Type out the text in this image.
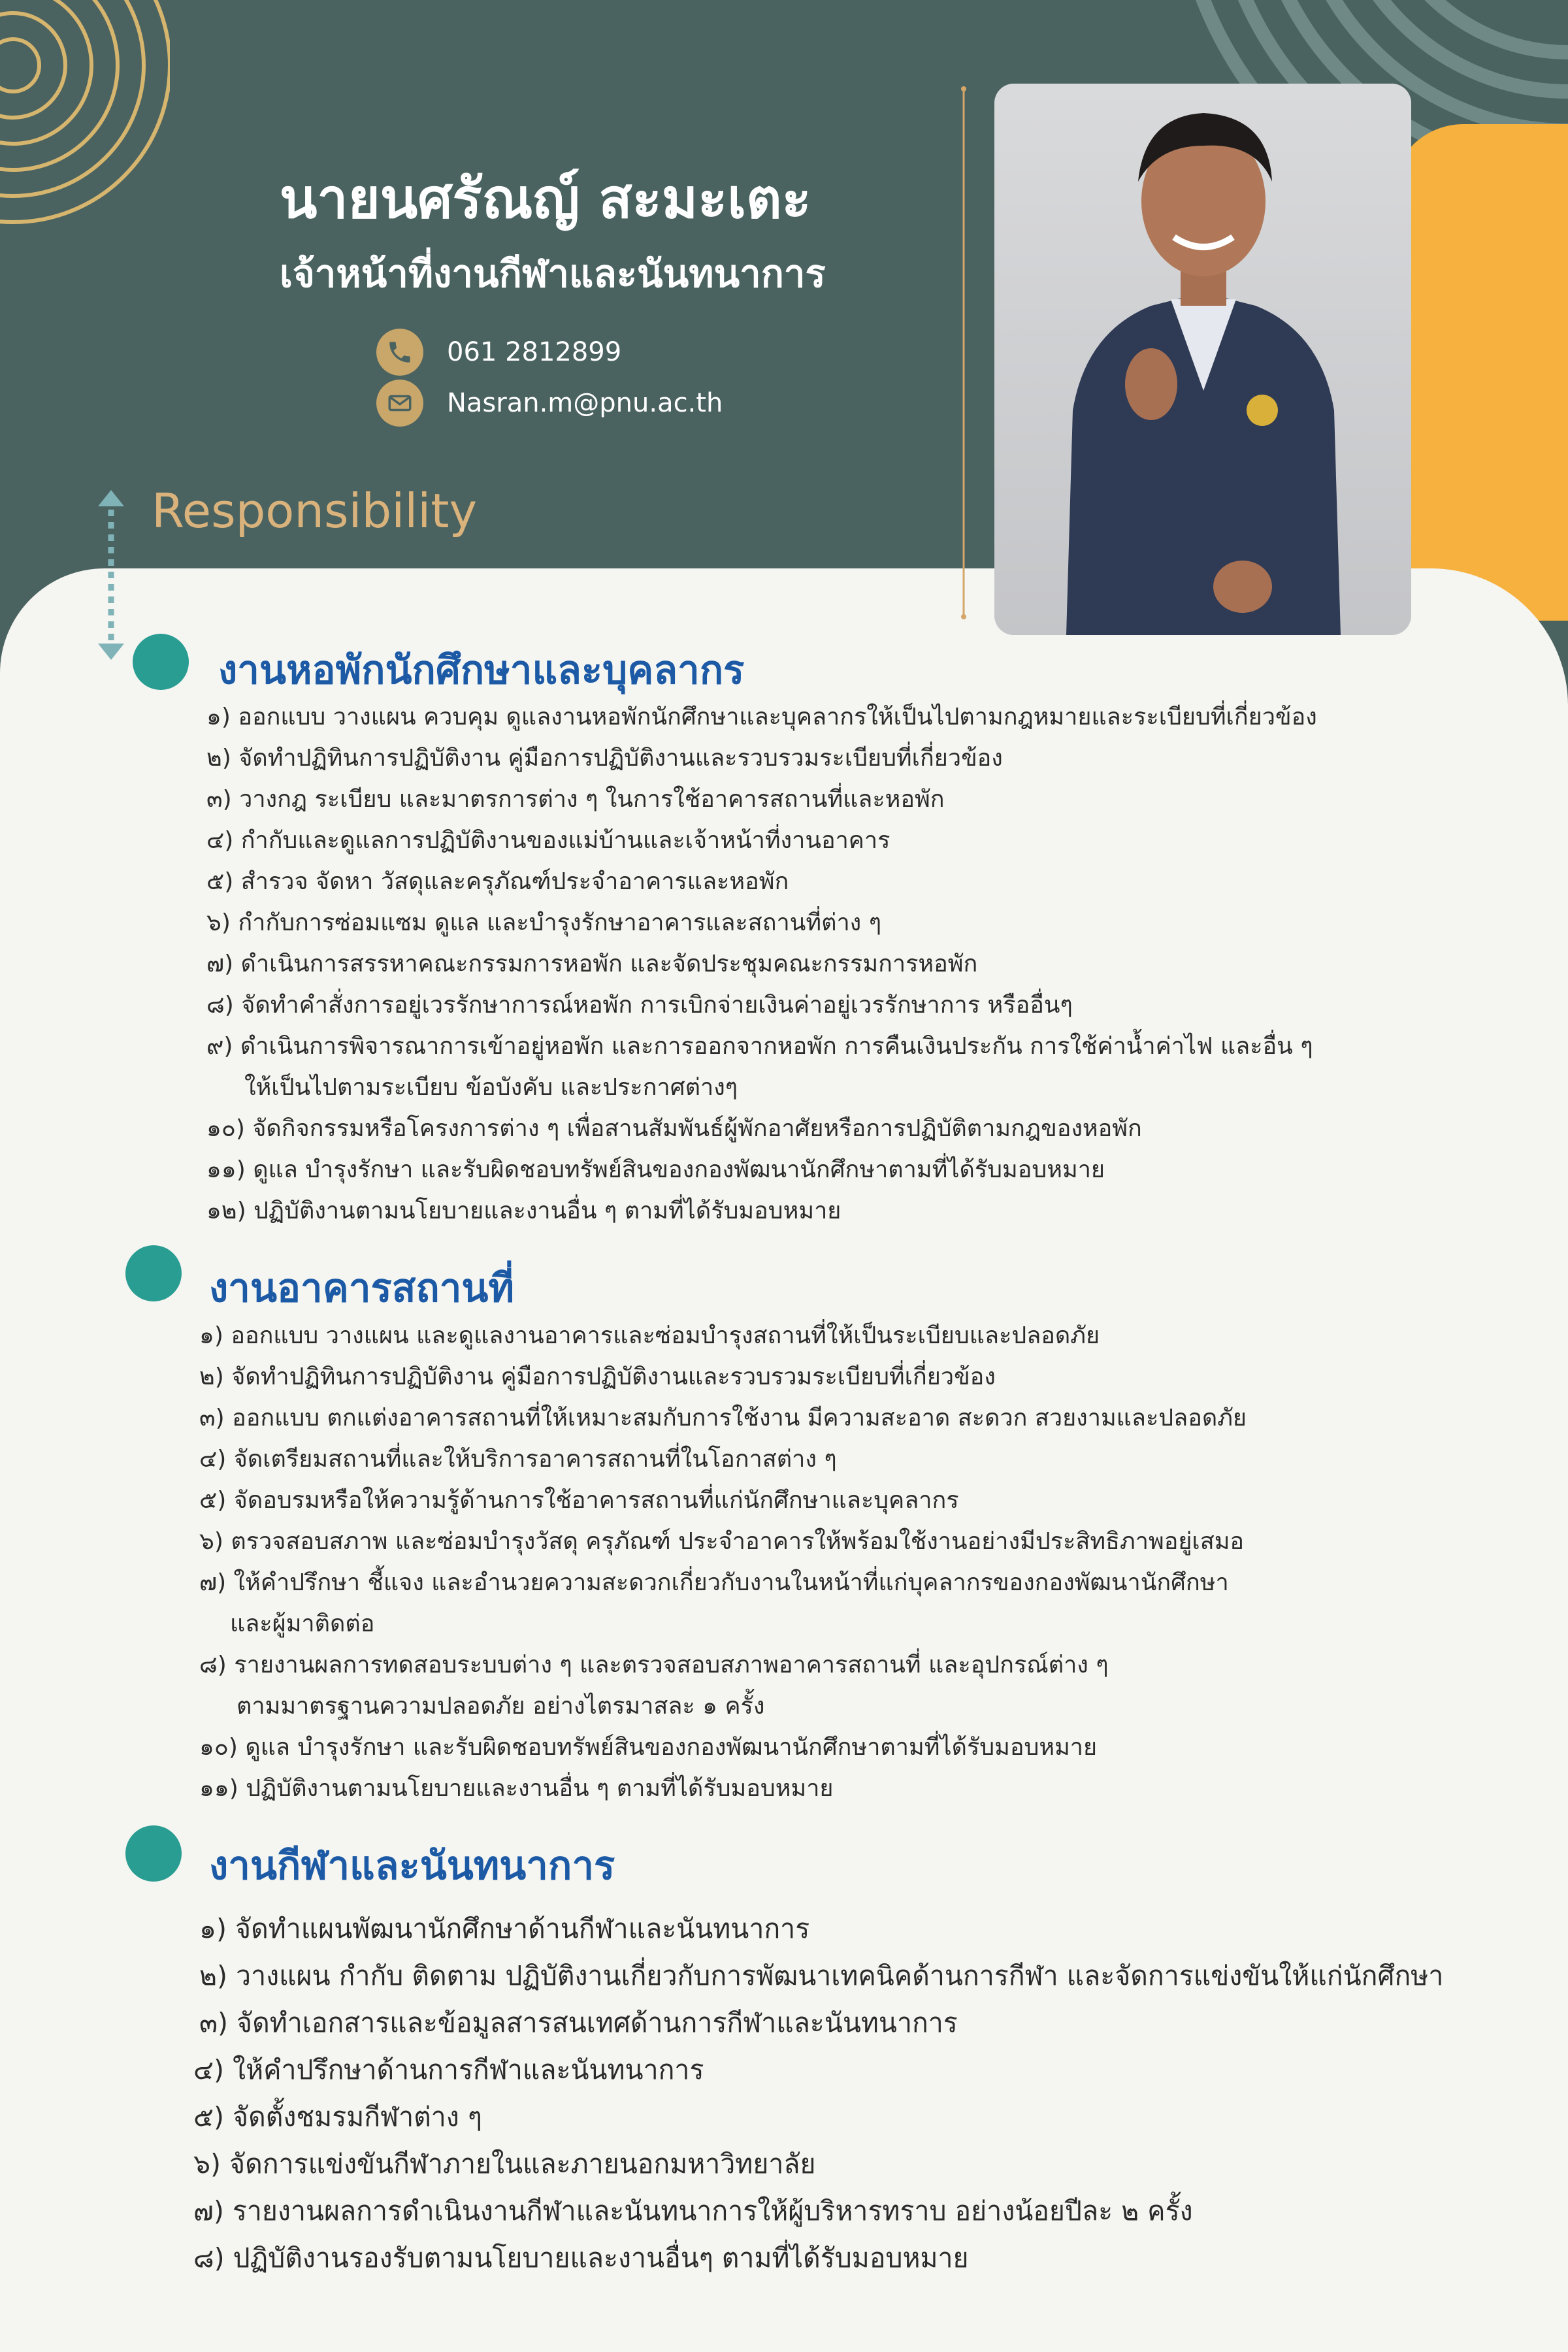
นายนศรัณญ์ สะมะเตะ
เจ้าหน้าที่งานกีฬาและนันทนาการ
061 2812899
Nasran.m@pnu.ac.th
Responsibility
งานหอพักนักศึกษาและบุคลากร
๑) ออกแบบ วางแผน ควบคุม ดูแลงานหอพักนักศึกษาและบุคลากรให้เป็นไปตามกฎหมายและระเบียบที่เกี่ยวข้อง
๒) จัดทำปฏิทินการปฏิบัติงาน คู่มือการปฏิบัติงานและรวบรวมระเบียบที่เกี่ยวข้อง
๓) วางกฎ ระเบียบ และมาตรการต่าง ๆ ในการใช้อาคารสถานที่และหอพัก
๔) กำกับและดูแลการปฏิบัติงานของแม่บ้านและเจ้าหน้าที่งานอาคาร
๕) สำรวจ จัดหา วัสดุและครุภัณฑ์ประจำอาคารและหอพัก
๖) กำกับการซ่อมแซม ดูแล และบำรุงรักษาอาคารและสถานที่ต่าง ๆ
๗) ดำเนินการสรรหาคณะกรรมการหอพัก และจัดประชุมคณะกรรมการหอพัก
๘) จัดทำคำสั่งการอยู่เวรรักษาการณ์หอพัก การเบิกจ่ายเงินค่าอยู่เวรรักษาการ หรืออื่นๆ
๙) ดำเนินการพิจารณาการเข้าอยู่หอพัก และการออกจากหอพัก การคืนเงินประกัน การใช้ค่าน้ำค่าไฟ และอื่น ๆ
ให้เป็นไปตามระเบียบ ข้อบังคับ และประกาศต่างๆ
๑๐) จัดกิจกรรมหรือโครงการต่าง ๆ เพื่อสานสัมพันธ์ผู้พักอาศัยหรือการปฏิบัติตามกฎของหอพัก
๑๑) ดูแล บำรุงรักษา และรับผิดชอบทรัพย์สินของกองพัฒนานักศึกษาตามที่ได้รับมอบหมาย
๑๒) ปฏิบัติงานตามนโยบายและงานอื่น ๆ ตามที่ได้รับมอบหมาย
งานอาคารสถานที่
๑) ออกแบบ วางแผน และดูแลงานอาคารและซ่อมบำรุงสถานที่ให้เป็นระเบียบและปลอดภัย
๒) จัดทำปฏิทินการปฏิบัติงาน คู่มือการปฏิบัติงานและรวบรวมระเบียบที่เกี่ยวข้อง
๓) ออกแบบ ตกแต่งอาคารสถานที่ให้เหมาะสมกับการใช้งาน มีความสะอาด สะดวก สวยงามและปลอดภัย
๔) จัดเตรียมสถานที่และให้บริการอาคารสถานที่ในโอกาสต่าง ๆ
๕) จัดอบรมหรือให้ความรู้ด้านการใช้อาคารสถานที่แก่นักศึกษาและบุคลากร
๖) ตรวจสอบสภาพ และซ่อมบำรุงวัสดุ ครุภัณฑ์ ประจำอาคารให้พร้อมใช้งานอย่างมีประสิทธิภาพอยู่เสมอ
๗) ให้คำปรึกษา ชี้แจง และอำนวยความสะดวกเกี่ยวกับงานในหน้าที่แก่บุคลากรของกองพัฒนานักศึกษา
และผู้มาติดต่อ
๘) รายงานผลการทดสอบระบบต่าง ๆ และตรวจสอบสภาพอาคารสถานที่ และอุปกรณ์ต่าง ๆ
ตามมาตรฐานความปลอดภัย อย่างไตรมาสละ ๑ ครั้ง
๑๐) ดูแล บำรุงรักษา และรับผิดชอบทรัพย์สินของกองพัฒนานักศึกษาตามที่ได้รับมอบหมาย
๑๑) ปฏิบัติงานตามนโยบายและงานอื่น ๆ ตามที่ได้รับมอบหมาย
งานกีฬาและนันทนาการ
๑) จัดทำแผนพัฒนานักศึกษาด้านกีฬาและนันทนาการ
๒) วางแผน กำกับ ติดตาม ปฏิบัติงานเกี่ยวกับการพัฒนาเทคนิคด้านการกีฬา และจัดการแข่งขันให้แก่นักศึกษา
๓) จัดทำเอกสารและข้อมูลสารสนเทศด้านการกีฬาและนันทนาการ
๔) ให้คำปรึกษาด้านการกีฬาและนันทนาการ
๕) จัดตั้งชมรมกีฬาต่าง ๆ
๖) จัดการแข่งขันกีฬาภายในและภายนอกมหาวิทยาลัย
๗) รายงานผลการดำเนินงานกีฬาและนันทนาการให้ผู้บริหารทราบ อย่างน้อยปีละ ๒ ครั้ง
๘) ปฏิบัติงานรองรับตามนโยบายและงานอื่นๆ ตามที่ได้รับมอบหมาย
